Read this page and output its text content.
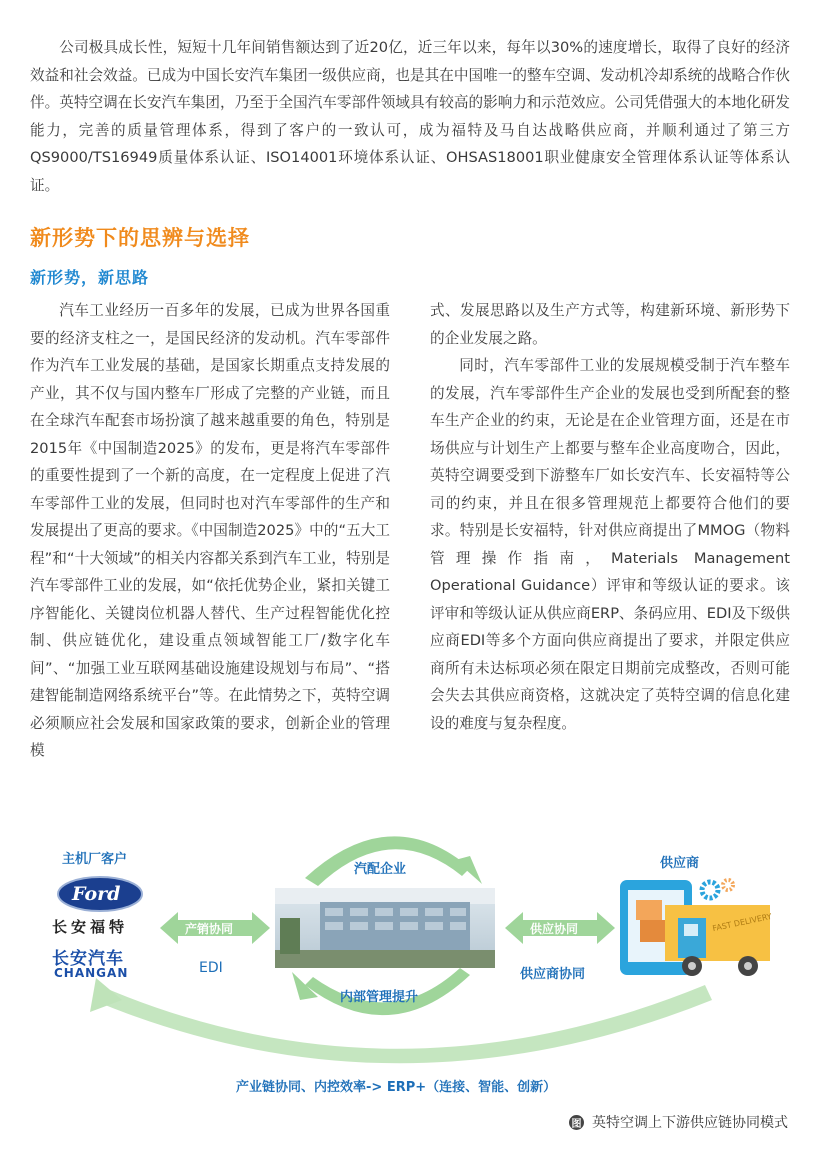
公司极具成长性，短短十几年间销售额达到了近20亿，近三年以来，每年以30%的速度增长，取得了良好的经济效益和社会效益。已成为中国长安汽车集团一级供应商，也是其在中国唯一的整车空调、发动机冷却系统的战略合作伙伴。英特空调在长安汽车集团，乃至于全国汽车零部件领域具有较高的影响力和示范效应。公司凭借强大的本地化研发能力，完善的质量管理体系，得到了客户的一致认可，成为福特及马自达战略供应商，并顺利通过了第三方QS9000/TS16949质量体系认证、ISO14001环境体系认证、OHSAS18001职业健康安全管理体系认证等体系认证。

新形势下的思辨与选择
新形势，新思路

汽车工业经历一百多年的发展，已成为世界各国重要的经济支柱之一，是国民经济的发动机。汽车零部件作为汽车工业发展的基础，是国家长期重点支持发展的产业，其不仅与国内整车厂形成了完整的产业链，而且在全球汽车配套市场扮演了越来越重要的角色，特别是2015年《中国制造2025》的发布，更是将汽车零部件的重要性提到了一个新的高度，在一定程度上促进了汽车零部件工业的发展，但同时也对汽车零部件的生产和发展提出了更高的要求。《中国制造2025》中的“五大工程”和“十大领域”的相关内容都关系到汽车工业，特别是汽车零部件工业的发展，如“依托优势企业，紧扣关键工序智能化、关键岗位机器人替代、生产过程智能优化控制、供应链优化，建设重点领域智能工厂/数字化车间”、“加强工业互联网基础设施建设规划与布局”、“搭建智能制造网络系统平台”等。在此情势之下，英特空调必须顺应社会发展和国家政策的要求，创新企业的管理模

式、发展思路以及生产方式等，构建新环境、新形势下的企业发展之路。

同时，汽车零部件工业的发展规模受制于汽车整车的发展，汽车零部件生产企业的发展也受到所配套的整车生产企业的约束，无论是在企业管理方面，还是在市场供应与计划生产上都要与整车企业高度吻合，因此，英特空调要受到下游整车厂如长安汽车、长安福特等公司的约束，并且在很多管理规范上都要符合他们的要求。特别是长安福特，针对供应商提出了MMOG（物料管理操作指南，Materials Management Operational Guidance）评审和等级认证的要求。该评审和等级认证从供应商ERP、条码应用、EDI及下级供应商EDI等多个方面向供应商提出了要求，并限定供应商所有未达标项必须在限定日期前完成整改，否则可能会失去其供应商资格，这就决定了英特空调的信息化建设的难度与复杂程度。

主机厂客户
Ford
长安福特
长安汽车
CHANGAN
汽配企业
内部管理提升
产销协同
EDI
供应协同
供应商协同
供应商
FAST DELIVERY
产业链协同、内控效率-> ERP+（连接、智能、创新）
图 英特空调上下游供应链协同模式
